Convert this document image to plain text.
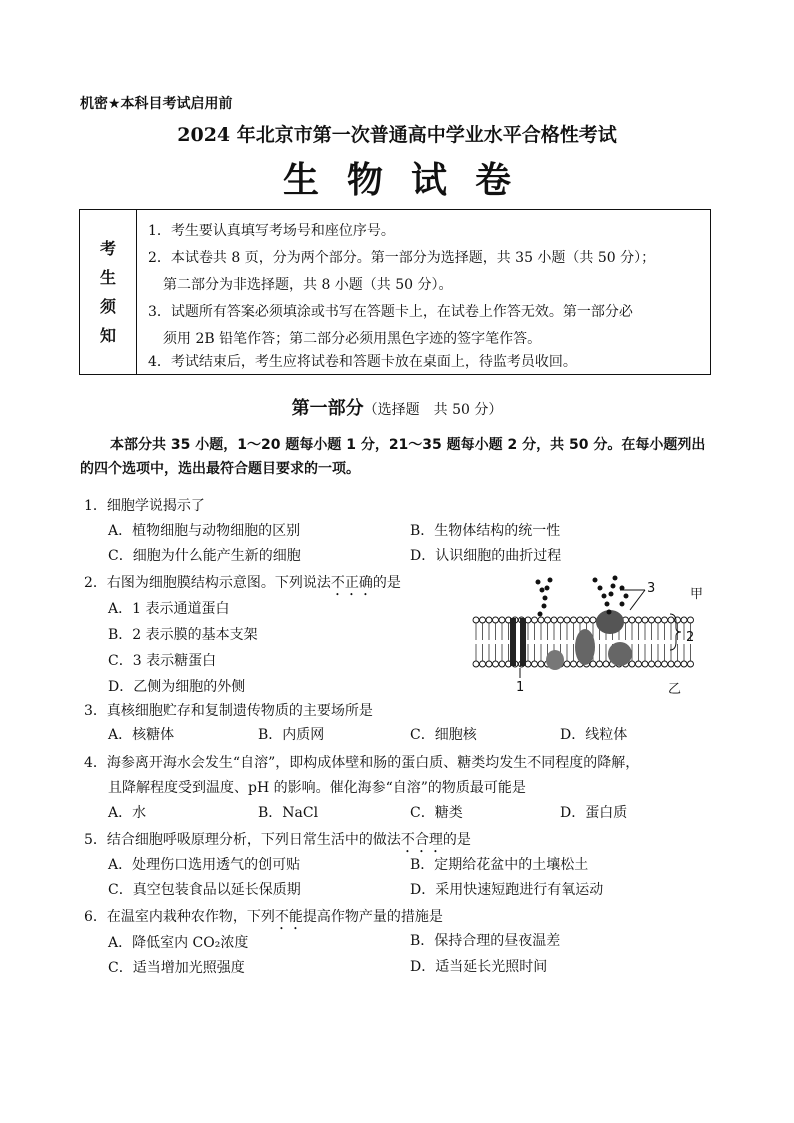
机密★本科目考试启用前
2024 年北京市第一次普通高中学业水平合格性考试
生物试卷
考
生
须
知
1．考生要认真填写考场号和座位序号。
2．本试卷共 8 页，分为两个部分。第一部分为选择题，共 35 小题（共 50 分）；
第二部分为非选择题，共 8 小题（共 50 分）。
3．试题所有答案必须填涂或书写在答题卡上，在试卷上作答无效。第一部分必
须用 2B 铅笔作答；第二部分必须用黑色字迹的签字笔作答。
4．考试结束后，考生应将试卷和答题卡放在桌面上，待监考员收回。
第一部分（选择题　共 50 分）
本部分共 35 小题，1～20 题每小题 1 分，21～35 题每小题 2 分，共 50 分。在每小题列出
的四个选项中，选出最符合题目要求的一项。
1．细胞学说揭示了
A．植物细胞与动物细胞的区别	B．生物体结构的统一性
C．细胞为什么能产生新的细胞	D．认识细胞的曲折过程
2．右图为细胞膜结构示意图。下列说法不正确的是
A．1 表示通道蛋白
B．2 表示膜的基本支架
C．3 表示糖蛋白
D．乙侧为细胞的外侧
3	甲
2
1	乙
3．真核细胞贮存和复制遗传物质的主要场所是
A．核糖体	B．内质网	C．细胞核	D．线粒体
4．海参离开海水会发生“自溶”，即构成体壁和肠的蛋白质、糖类均发生不同程度的降解，
且降解程度受到温度、pH 的影响。催化海参“自溶”的物质最可能是
A．水	B．NaCl	C．糖类	D．蛋白质
5．结合细胞呼吸原理分析，下列日常生活中的做法不合理的是
A．处理伤口选用透气的创可贴	B．定期给花盆中的土壤松土
C．真空包装食品以延长保质期	D．采用快速短跑进行有氧运动
6．在温室内栽种农作物，下列不能提高作物产量的措施是
A．降低室内 CO₂浓度	B．保持合理的昼夜温差
C．适当增加光照强度	D．适当延长光照时间
